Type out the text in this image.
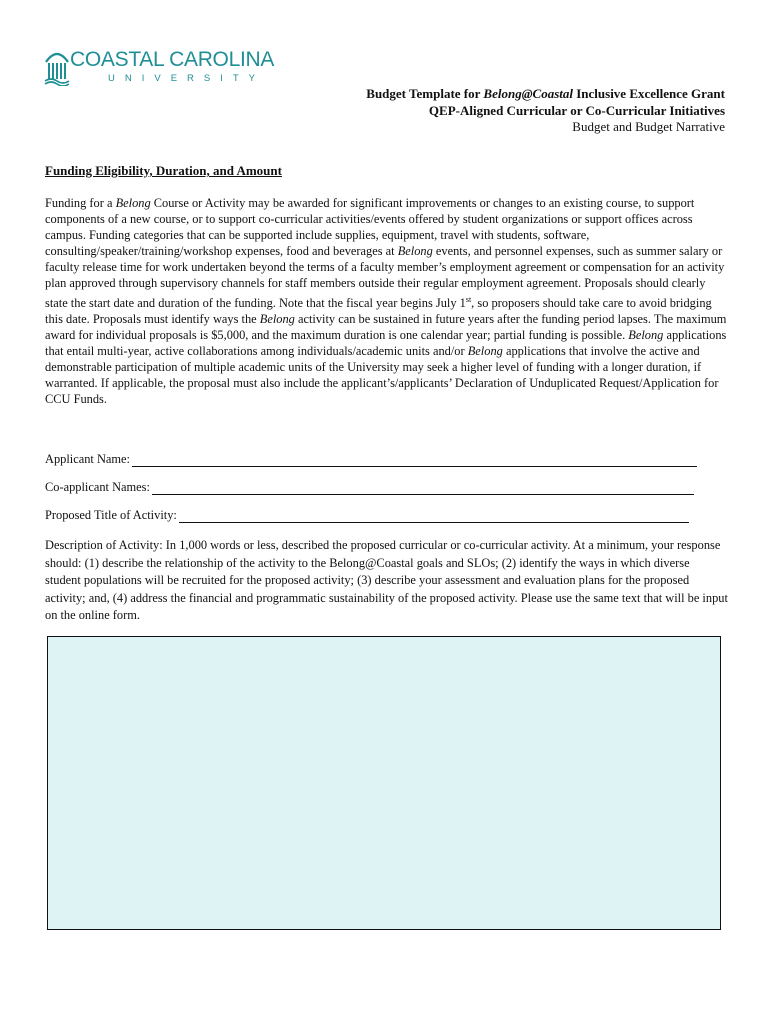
COASTAL CAROLINA
UNIVERSITY
Budget Template for Belong@Coastal Inclusive Excellence Grant
QEP-Aligned Curricular or Co-Curricular Initiatives
Budget and Budget Narrative
Funding Eligibility, Duration, and Amount
Funding for a Belong Course or Activity may be awarded for significant improvements or changes to an existing course, to support components of a new course, or to support co-curricular activities/events offered by student organizations or support offices across campus. Funding categories that can be supported include supplies, equipment, travel with students, software, consulting/speaker/training/workshop expenses, food and beverages at Belong events, and personnel expenses, such as summer salary or faculty release time for work undertaken beyond the terms of a faculty member’s employment agreement or compensation for an activity plan approved through supervisory channels for staff members outside their regular employment agreement. Proposals should clearly state the start date and duration of the funding. Note that the fiscal year begins July 1st, so proposers should take care to avoid bridging this date. Proposals must identify ways the Belong activity can be sustained in future years after the funding period lapses. The maximum award for individual proposals is $5,000, and the maximum duration is one calendar year; partial funding is possible. Belong applications that entail multi-year, active collaborations among individuals/academic units and/or Belong applications that involve the active and demonstrable participation of multiple academic units of the University may seek a higher level of funding with a longer duration, if warranted. If applicable, the proposal must also include the applicant’s/applicants’ Declaration of Unduplicated Request/Application for CCU Funds.
Applicant Name:
Co-applicant Names:
Proposed Title of Activity:
Description of Activity: In 1,000 words or less, described the proposed curricular or co-curricular activity. At a minimum, your response should: (1) describe the relationship of the activity to the Belong@Coastal goals and SLOs; (2) identify the ways in which diverse student populations will be recruited for the proposed activity; (3) describe your assessment and evaluation plans for the proposed activity; and, (4) address the financial and programmatic sustainability of the proposed activity. Please use the same text that will be input on the online form.
